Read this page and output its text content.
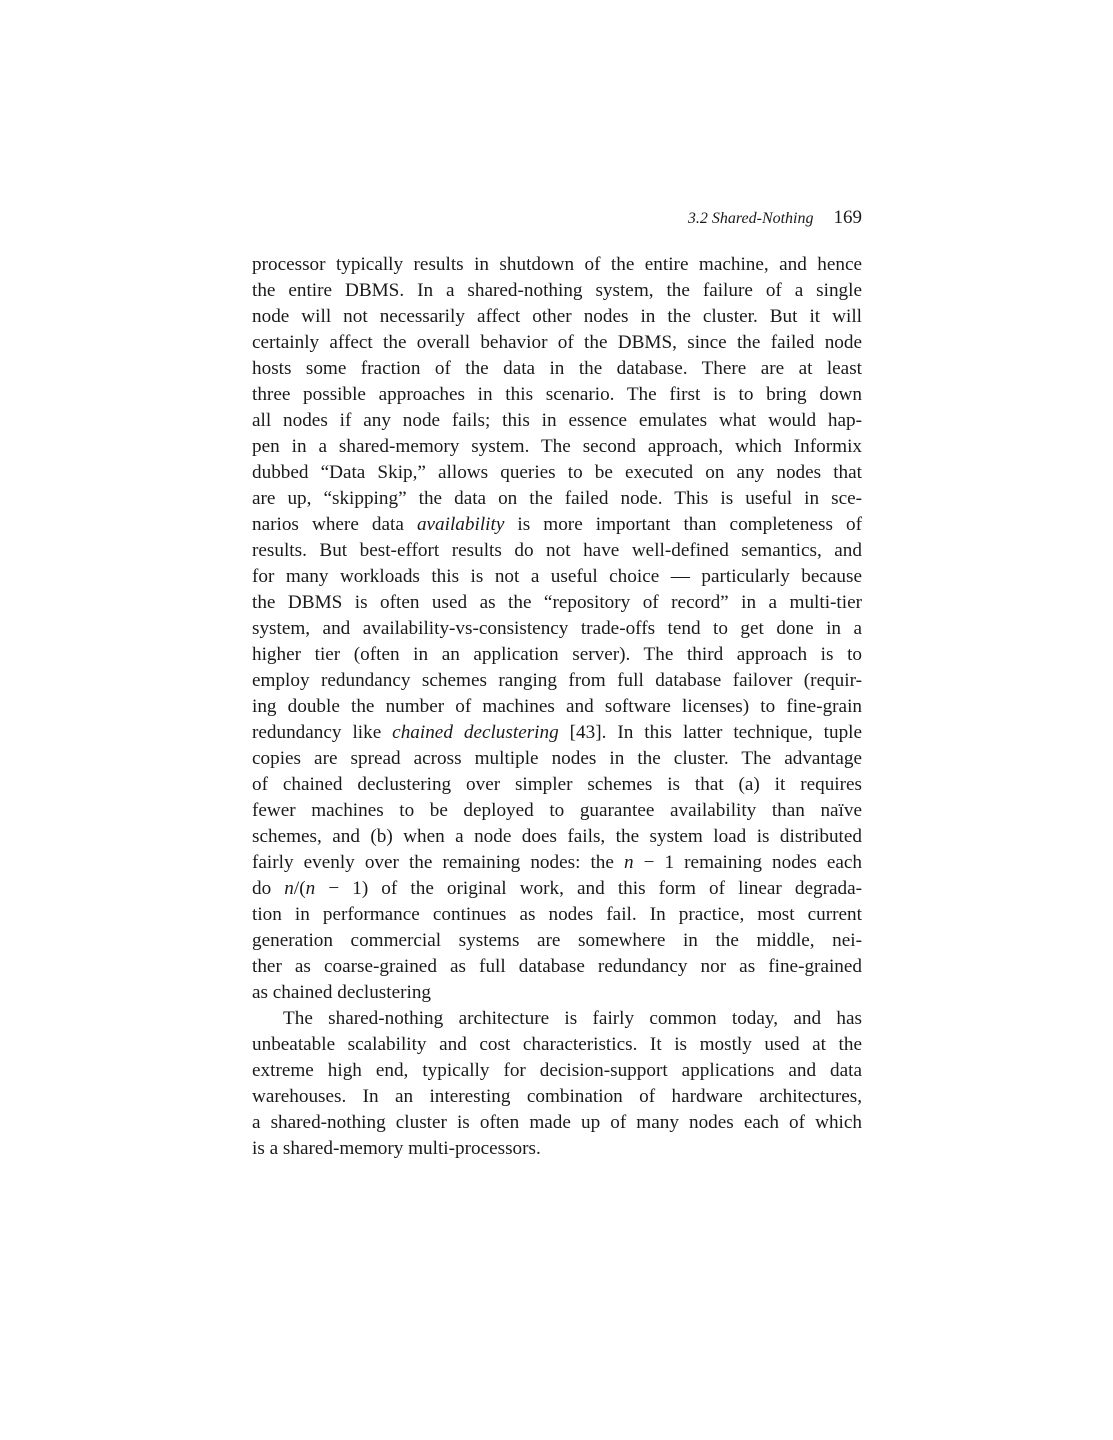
3.2 Shared-Nothing 169
processor typically results in shutdown of the entire machine, and hence
the entire DBMS. In a shared-nothing system, the failure of a single
node will not necessarily affect other nodes in the cluster. But it will
certainly affect the overall behavior of the DBMS, since the failed node
hosts some fraction of the data in the database. There are at least
three possible approaches in this scenario. The first is to bring down
all nodes if any node fails; this in essence emulates what would hap-
pen in a shared-memory system. The second approach, which Informix
dubbed “Data Skip,” allows queries to be executed on any nodes that
are up, “skipping” the data on the failed node. This is useful in sce-
narios where data availability is more important than completeness of
results. But best-effort results do not have well-defined semantics, and
for many workloads this is not a useful choice — particularly because
the DBMS is often used as the “repository of record” in a multi-tier
system, and availability-vs-consistency trade-offs tend to get done in a
higher tier (often in an application server). The third approach is to
employ redundancy schemes ranging from full database failover (requir-
ing double the number of machines and software licenses) to fine-grain
redundancy like chained declustering [43]. In this latter technique, tuple
copies are spread across multiple nodes in the cluster. The advantage
of chained declustering over simpler schemes is that (a) it requires
fewer machines to be deployed to guarantee availability than naïve
schemes, and (b) when a node does fails, the system load is distributed
fairly evenly over the remaining nodes: the n − 1 remaining nodes each
do n/(n − 1) of the original work, and this form of linear degrada-
tion in performance continues as nodes fail. In practice, most current
generation commercial systems are somewhere in the middle, nei-
ther as coarse-grained as full database redundancy nor as fine-grained
as chained declustering
The shared-nothing architecture is fairly common today, and has
unbeatable scalability and cost characteristics. It is mostly used at the
extreme high end, typically for decision-support applications and data
warehouses. In an interesting combination of hardware architectures,
a shared-nothing cluster is often made up of many nodes each of which
is a shared-memory multi-processors.
